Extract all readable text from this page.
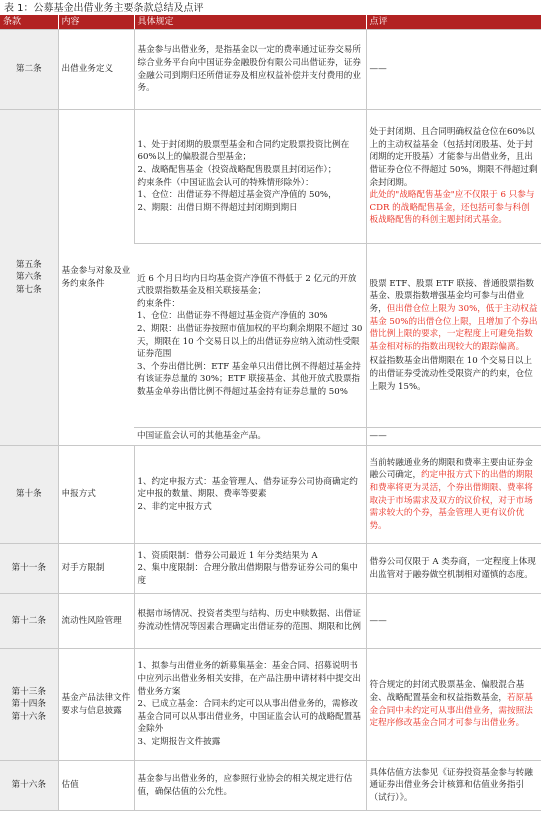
表 1：公募基金出借业务主要条款总结及点评
条款	内容	具体规定	点评
第二条	出借业务定义	基金参与出借业务，是指基金以一定的费率通过证券交易所综合业务平台向中国证券金融股份有限公司出借证券，证券金融公司到期归还所借证券及相应权益补偿并支付费用的业务。	——

第五条
第六条
第七条	基金参与对象及业务约束条件	1、处于封闭期的股票型基金和合同约定股票投资比例在 60%以上的偏股混合型基金；
2、战略配售基金（投资战略配售股票且封闭运作）；
约束条件（中国证监会认可的特殊情形除外）：
1、仓位：出借证券不得超过基金资产净值的 50%，
2、期限：出借日期不得超过封闭期到期日	处于封闭期、且合同明确权益仓位在60%以上的主动权益基金（包括封闭股基、处于封闭期的定开股基）才能参与出借业务，且出借证券仓位不得超过 50%，期限不得超过剩余封闭期。
此处的"战略配售基金"应不仅限于 6 只参与 CDR 的战略配售基金，还包括可参与科创板战略配售的科创主题封闭式基金。

		近 6 个月日均内日均基金资产净值不得低于 2 亿元的开放式股票指数基金及相关联接基金；
约束条件：
1、仓位：出借证券不得超过基金资产净值的 30%
2、期限：出借证券按照市值加权的平均剩余期限不超过 30 天，期限在 10 个交易日以上的出借证券应纳入流动性受限证券范围
3、个券出借比例：ETF 基金单只出借比例不得超过基金持有该证券总量的 30%；ETF 联接基金、其他开放式股票指数基金单券出借比例不得超过基金持有证券总量的 50%	股票 ETF、股票 ETF 联接、普通股票指数基金、股票指数增强基金均可参与出借业务，但出借仓位上限为 30%，低于主动权益基金 50%的出借仓位上限，且增加了个券出借比例上限的要求，一定程度上可避免指数基金相对标的指数出现较大的跟踪偏离。
权益指数基金出借期限在 10 个交易日以上的出借证券受流动性受限资产的约束，仓位上限为 15%。

		中国证监会认可的其他基金产品。	——
第十条	申报方式	1、约定申报方式：基金管理人、借券证券公司协商确定约定申报的数量、期限、费率等要素
2、非约定申报方式	当前转融通业务的期限和费率主要由证券金融公司确定，约定申报方式下的出借的期限和费率将更为灵活，个券出借期限、费率将取决于市场需求及双方的议价权，对于市场需求较大的个券，基金管理人更有议价优势。
第十一条	对手方限制	1、资质限制：借券公司最近 1 年分类结果为 A
2、集中度限制：合理分散出借期限与借券证券公司的集中度	借券公司仅限于 A 类券商，一定程度上体现出监管对于融券做空机制相对谨慎的态度。
第十二条	流动性风险管理	根据市场情况、投资者类型与结构、历史申赎数据、出借证券流动性情况等因素合理确定出借证券的范围、期限和比例	——

第十三条
第十四条
第十六条	基金产品法律文件要求与信息披露	1、拟参与出借业务的新募集基金：基金合同、招募说明书中应列示出借业务相关安排，在产品注册申请材料中提交出借业务方案
2、已成立基金：合同未约定可以从事出借业务的，需修改基金合同可以从事出借业务，中国证监会认可的战略配置基金除外
3、定期报告文件披露	符合规定的封闭式股票基金、偏股混合基金、战略配置基金和权益指数基金，若原基金合同中未约定可从事出借业务，需按照法定程序修改基金合同才可参与出借业务。
第十六条	估值	基金参与出借业务的，应参照行业协会的相关规定进行估值，确保估值的公允性。	具体估值方法参见《证券投资基金参与转融通证券出借业务会计核算和估值业务指引（试行）》。
